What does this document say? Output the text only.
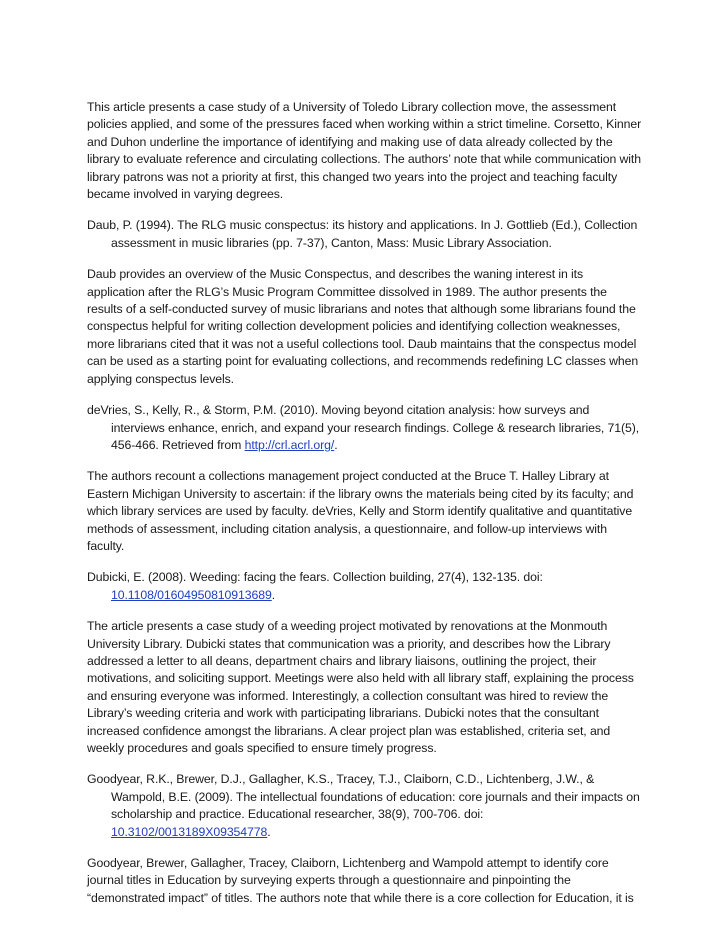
This article presents a case study of a University of Toledo Library collection move, the assessment policies applied, and some of the pressures faced when working within a strict timeline. Corsetto, Kinner and Duhon underline the importance of identifying and making use of data already collected by the library to evaluate reference and circulating collections. The authors’ note that while communication with library patrons was not a priority at first, this changed two years into the project and teaching faculty became involved in varying degrees.

Daub, P. (1994). The RLG music conspectus: its history and applications. In J. Gottlieb (Ed.), Collection assessment in music libraries (pp. 7-37), Canton, Mass: Music Library Association.

Daub provides an overview of the Music Conspectus, and describes the waning interest in its application after the RLG’s Music Program Committee dissolved in 1989. The author presents the results of a self-conducted survey of music librarians and notes that although some librarians found the conspectus helpful for writing collection development policies and identifying collection weaknesses, more librarians cited that it was not a useful collections tool. Daub maintains that the conspectus model can be used as a starting point for evaluating collections, and recommends redefining LC classes when applying conspectus levels.

deVries, S., Kelly, R., & Storm, P.M. (2010). Moving beyond citation analysis: how surveys and interviews enhance, enrich, and expand your research findings. College & research libraries, 71(5), 456-466. Retrieved from http://crl.acrl.org/.

The authors recount a collections management project conducted at the Bruce T. Halley Library at Eastern Michigan University to ascertain: if the library owns the materials being cited by its faculty; and which library services are used by faculty. deVries, Kelly and Storm identify qualitative and quantitative methods of assessment, including citation analysis, a questionnaire, and follow-up interviews with faculty.

Dubicki, E. (2008). Weeding: facing the fears. Collection building, 27(4), 132-135. doi: 10.1108/01604950810913689.

The article presents a case study of a weeding project motivated by renovations at the Monmouth University Library. Dubicki states that communication was a priority, and describes how the Library addressed a letter to all deans, department chairs and library liaisons, outlining the project, their motivations, and soliciting support. Meetings were also held with all library staff, explaining the process and ensuring everyone was informed. Interestingly, a collection consultant was hired to review the Library’s weeding criteria and work with participating librarians. Dubicki notes that the consultant increased confidence amongst the librarians. A clear project plan was established, criteria set, and weekly procedures and goals specified to ensure timely progress.

Goodyear, R.K., Brewer, D.J., Gallagher, K.S., Tracey, T.J., Claiborn, C.D., Lichtenberg, J.W., & Wampold, B.E. (2009). The intellectual foundations of education: core journals and their impacts on scholarship and practice. Educational researcher, 38(9), 700-706. doi: 10.3102/0013189X09354778.

Goodyear, Brewer, Gallagher, Tracey, Claiborn, Lichtenberg and Wampold attempt to identify core journal titles in Education by surveying experts through a questionnaire and pinpointing the “demonstrated impact” of titles. The authors note that while there is a core collection for Education, it is
